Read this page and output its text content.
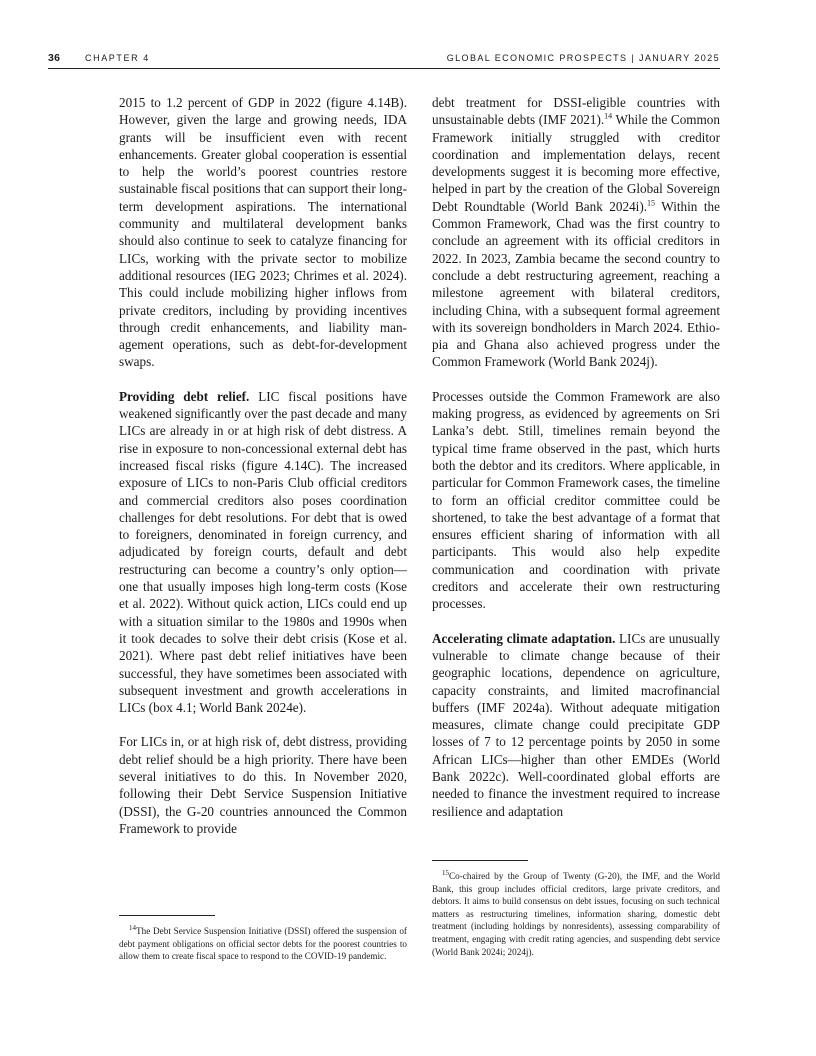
36	CHAPTER 4	GLOBAL ECONOMIC PROSPECTS | JANUARY 2025

2015 to 1.2 percent of GDP in 2022 (figure 4.14B). However, given the large and growing needs, IDA grants will be insufficient even with recent enhancements. Greater global cooperation is essential to help the world’s poorest countries restore sustainable fiscal positions that can support their long-term development aspirations. The international community and multilateral development banks should also continue to seek to catalyze financing for LICs, working with the private sector to mobilize additional resources (IEG 2023; Chrimes et al. 2024). This could include mobilizing higher inflows from private creditors, including by providing incentives through credit enhancements, and liability management operations, such as debt-for-development swaps.

Providing debt relief. LIC fiscal positions have weakened significantly over the past decade and many LICs are already in or at high risk of debt distress. A rise in exposure to non-concessional external debt has increased fiscal risks (figure 4.14C). The increased exposure of LICs to non-Paris Club official creditors and commercial creditors also poses coordination challenges for debt resolutions. For debt that is owed to foreigners, denominated in foreign currency, and adjudicated by foreign courts, default and debt restructuring can become a country’s only option—one that usually imposes high long-term costs (Kose et al. 2022). Without quick action, LICs could end up with a situation similar to the 1980s and 1990s when it took decades to solve their debt crisis (Kose et al. 2021). Where past debt relief initiatives have been successful, they have sometimes been associated with subsequent investment and growth accelerations in LICs (box 4.1; World Bank 2024e).

For LICs in, or at high risk of, debt distress, providing debt relief should be a high priority. There have been several initiatives to do this. In November 2020, following their Debt Service Suspension Initiative (DSSI), the G-20 countries announced the Common Framework to provide

debt treatment for DSSI-eligible countries with unsustainable debts (IMF 2021).$^{14}$ While the Common Framework initially struggled with creditor coordination and implementation delays, recent developments suggest it is becoming more effective, helped in part by the creation of the Global Sovereign Debt Roundtable (World Bank 2024i).$^{15}$ Within the Common Framework, Chad was the first country to conclude an agreement with its official creditors in 2022. In 2023, Zambia became the second country to conclude a debt restructuring agreement, reaching a milestone agreement with bilateral creditors, including China, with a subsequent formal agreement with its sovereign bondholders in March 2024. Ethiopia and Ghana also achieved progress under the Common Framework (World Bank 2024j).

Processes outside the Common Framework are also making progress, as evidenced by agreements on Sri Lanka’s debt. Still, timelines remain beyond the typical time frame observed in the past, which hurts both the debtor and its creditors. Where applicable, in particular for Common Framework cases, the timeline to form an official creditor committee could be shortened, to take the best advantage of a format that ensures efficient sharing of information with all participants. This would also help expedite communication and coordination with private creditors and accelerate their own restructuring processes.

Accelerating climate adaptation. LICs are unusually vulnerable to climate change because of their geographic locations, dependence on agriculture, capacity constraints, and limited macrofinancial buffers (IMF 2024a). Without adequate mitigation measures, climate change could precipitate GDP losses of 7 to 12 percentage points by 2050 in some African LICs—higher than other EMDEs (World Bank 2022c). Well-coordinated global efforts are needed to finance the investment required to increase resilience and adaptation

$^{14}$The Debt Service Suspension Initiative (DSSI) offered the suspension of debt payment obligations on official sector debts for the poorest countries to allow them to create fiscal space to respond to the COVID-19 pandemic.

$^{15}$Co-chaired by the Group of Twenty (G-20), the IMF, and the World Bank, this group includes official creditors, large private creditors, and debtors. It aims to build consensus on debt issues, focusing on such technical matters as restructuring timelines, information sharing, domestic debt treatment (including holdings by nonresidents), assessing comparability of treatment, engaging with credit rating agencies, and suspending debt service (World Bank 2024i; 2024j).
